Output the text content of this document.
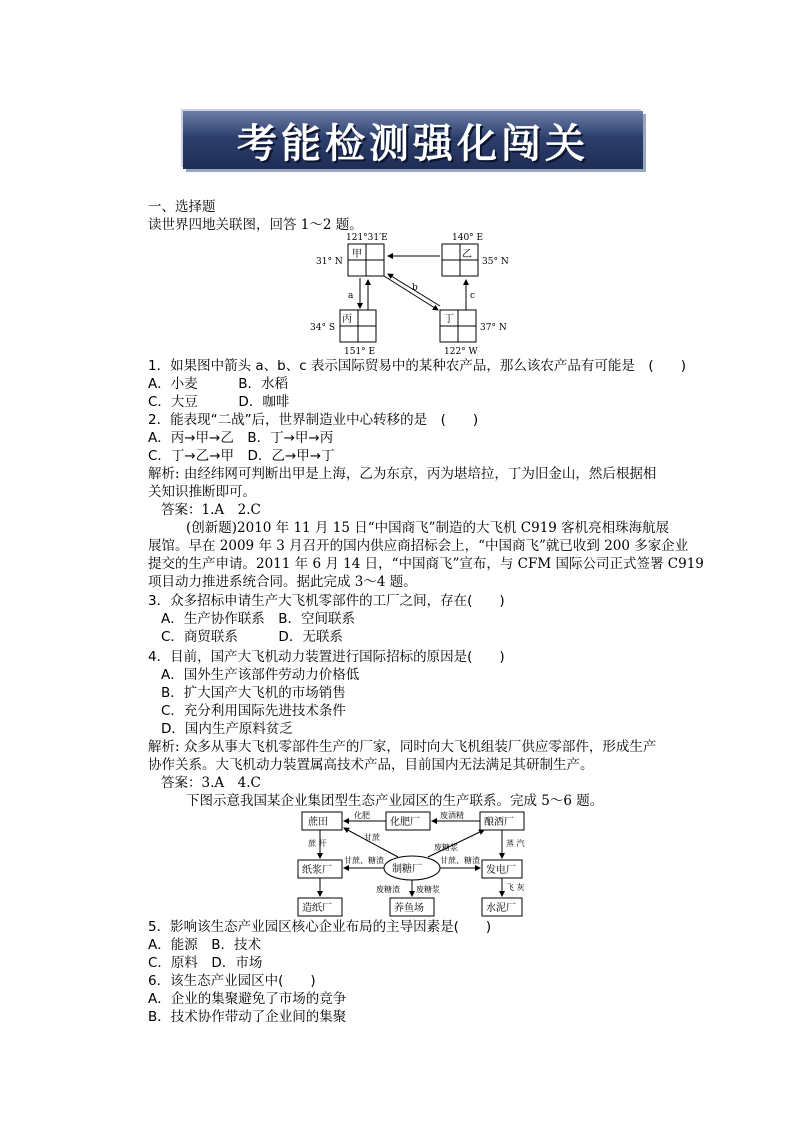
考能检测强化闯关
一、选择题
读世界四地关联图，回答 1～2 题。
121°31′E	140° E
甲
31° N
乙
35° N
a	c
b
丙
34° S
151° E
丁
37° N
122° W
1．如果图中箭头 a、b、c 表示国际贸易中的某种农产品，那么该农产品有可能是　(　　)
A．小麦　　　B．水稻
C．大豆　　　D．咖啡
2．能表现“二战”后，世界制造业中心转移的是　(　　)
A．丙→甲→乙　B．丁→甲→丙
C．丁→乙→甲　D．乙→甲→丁
解析: 由经纬网可判断出甲是上海，乙为东京，丙为堪培拉，丁为旧金山，然后根据相
关知识推断即可。
答案：1.A　2.C
(创新题)2010 年 11 月 15 日“中国商飞”制造的大飞机 C919 客机亮相珠海航展
展馆。早在 2009 年 3 月召开的国内供应商招标会上，“中国商飞”就已收到 200 多家企业
提交的生产申请。2011 年 6 月 14 日，“中国商飞”宣布，与 CFM 国际公司正式签署 C919
项目动力推进系统合同。据此完成 3～4 题。
3．众多招标申请生产大飞机零部件的工厂之间，存在(　　)
A．生产协作联系　B．空间联系
C．商贸联系　　　D．无联系
4．目前，国产大飞机动力装置进行国际招标的原因是(　　)
A．国外生产该部件劳动力价格低
B．扩大国产大飞机的市场销售
C．充分利用国际先进技术条件
D．国内生产原料贫乏
解析: 众多从事大飞机零部件生产的厂家，同时向大飞机组装厂供应零部件，形成生产
协作关系。大飞机动力装置属高技术产品，目前国内无法满足其研制生产。
答案：3.A　4.C
下图示意我国某企业集团型生态产业园区的生产联系。完成 5～6 题。
蔗田	化肥厂	酿酒厂
纸浆厂	制糖厂	发电厂
造纸厂	养鱼场	水泥厂
化肥	废酒精
甘蔗
蔗 杆
甘蔗、糖渣
废糖浆	蒸 汽
甘蔗、糖渣
飞 灰
废糖渣 废糖浆
5．影响该生态产业园区核心企业布局的主导因素是(　　)
A．能源　B．技术
C．原料　D．市场
6．该生态产业园区中(　　)
A．企业的集聚避免了市场的竞争
B．技术协作带动了企业间的集聚
